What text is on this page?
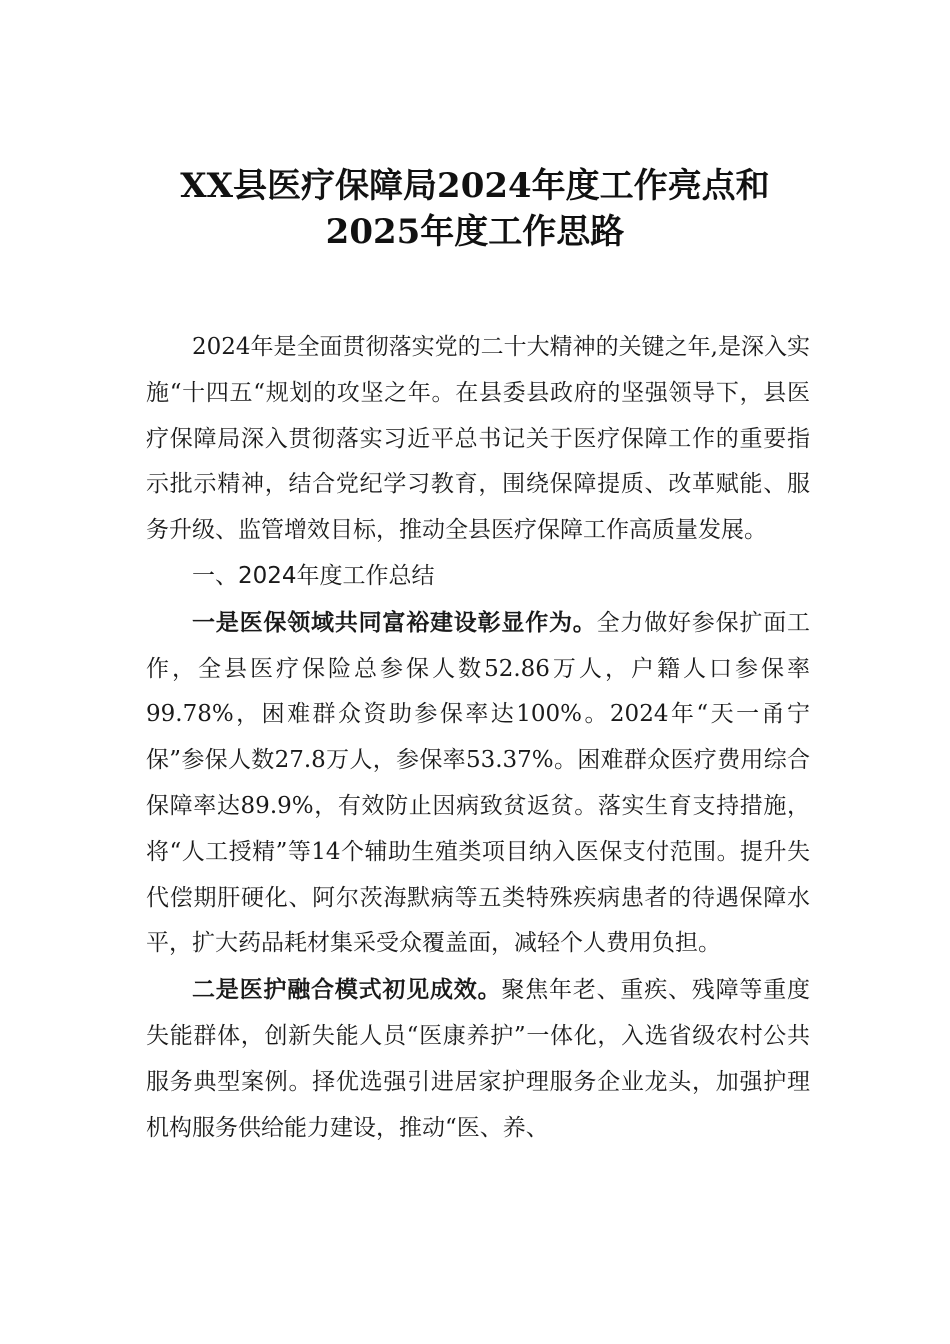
XX县医疗保障局2024年度工作亮点和
2025年度工作思路

2024年是全面贯彻落实党的二十大精神的关键之年,是深入实施“十四五“规划的攻坚之年。在县委县政府的坚强领导下，县医疗保障局深入贯彻落实习近平总书记关于医疗保障工作的重要指示批示精神，结合党纪学习教育，围绕保障提质、改革赋能、服务升级、监管增效目标，推动全县医疗保障工作高质量发展。

一、2024年度工作总结

一是医保领域共同富裕建设彰显作为。全力做好参保扩面工作，全县医疗保险总参保人数52.86万人，户籍人口参保率99.78%，困难群众资助参保率达100%。2024年“天一甬宁保”参保人数27.8万人，参保率53.37%。困难群众医疗费用综合保障率达89.9%，有效防止因病致贫返贫。落实生育支持措施，将“人工授精”等14个辅助生殖类项目纳入医保支付范围。提升失代偿期肝硬化、阿尔茨海默病等五类特殊疾病患者的待遇保障水平，扩大药品耗材集采受众覆盖面，减轻个人费用负担。

二是医护融合模式初见成效。聚焦年老、重疾、残障等重度失能群体，创新失能人员“医康养护”一体化，入选省级农村公共服务典型案例。择优选强引进居家护理服务企业龙头，加强护理机构服务供给能力建设，推动“医、养、
